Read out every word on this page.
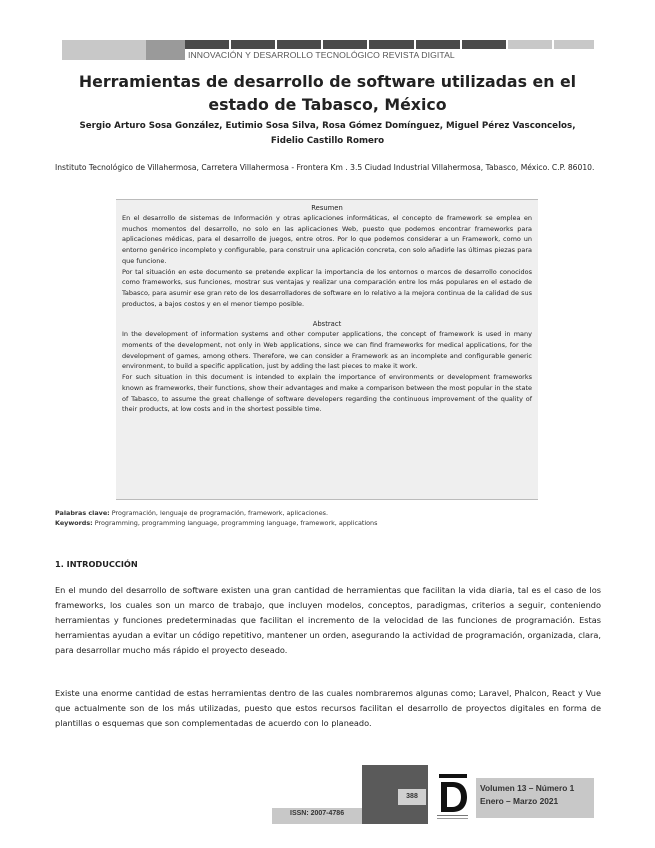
INNOVACIÓN Y DESARROLLO TECNOLÓGICO REVISTA DIGITAL
Herramientas de desarrollo de software utilizadas en el
estado de Tabasco, México
Sergio Arturo Sosa González, Eutimio Sosa Silva, Rosa Gómez Domínguez, Miguel Pérez Vasconcelos,
Fidelio Castillo Romero
Instituto Tecnológico de Villahermosa, Carretera Villahermosa - Frontera Km . 3.5 Ciudad Industrial Villahermosa, Tabasco, México. C.P. 86010.
Resumen
En el desarrollo de sistemas de Información y otras aplicaciones informáticas, el concepto de framework se emplea en muchos momentos del desarrollo, no solo en las aplicaciones Web, puesto que podemos encontrar frameworks para aplicaciones médicas, para el desarrollo de juegos, entre otros. Por lo que podemos considerar a un Framework, como un entorno genérico incompleto y configurable, para construir una aplicación concreta, con solo añadirle las últimas piezas para que funcione.
Por tal situación en este documento se pretende explicar la importancia de los entornos o marcos de desarrollo conocidos como frameworks, sus funciones, mostrar sus ventajas y realizar una comparación entre los más populares en el estado de Tabasco, para asumir ese gran reto de los desarrolladores de software en lo relativo a la mejora continua de la calidad de sus productos, a bajos costos y en el menor tiempo posible.
Abstract
In the development of information systems and other computer applications, the concept of framework is used in many moments of the development, not only in Web applications, since we can find frameworks for medical applications, for the development of games, among others. Therefore, we can consider a Framework as an incomplete and configurable generic environment, to build a specific application, just by adding the last pieces to make it work.
For such situation in this document is intended to explain the importance of environments or development frameworks known as frameworks, their functions, show their advantages and make a comparison between the most popular in the state of Tabasco, to assume the great challenge of software developers regarding the continuous improvement of the quality of their products, at low costs and in the shortest possible time.
Palabras clave: Programación, lenguaje de programación, framework, aplicaciones.
Keywords: Programming, programming language, programming language, framework, applications
1. INTRODUCCIÓN
En el mundo del desarrollo de software existen una gran cantidad de herramientas que facilitan la vida diaria, tal es el caso de los frameworks, los cuales son un marco de trabajo, que incluyen modelos, conceptos, paradigmas, criterios a seguir, conteniendo herramientas y funciones predeterminadas que facilitan el incremento de la velocidad de las funciones de programación. Estas herramientas ayudan a evitar un código repetitivo, mantener un orden, asegurando la actividad de programación, organizada, clara, para desarrollar mucho más rápido el proyecto deseado.
Existe una enorme cantidad de estas herramientas dentro de las cuales nombraremos algunas como; Laravel, Phalcon, React y Vue que actualmente son de los más utilizadas, puesto que estos recursos facilitan el desarrollo de proyectos digitales en forma de plantillas o esquemas que son complementadas de acuerdo con lo planeado.
ISSN: 2007-4786
388
Volumen 13 – Número 1
Enero – Marzo 2021
